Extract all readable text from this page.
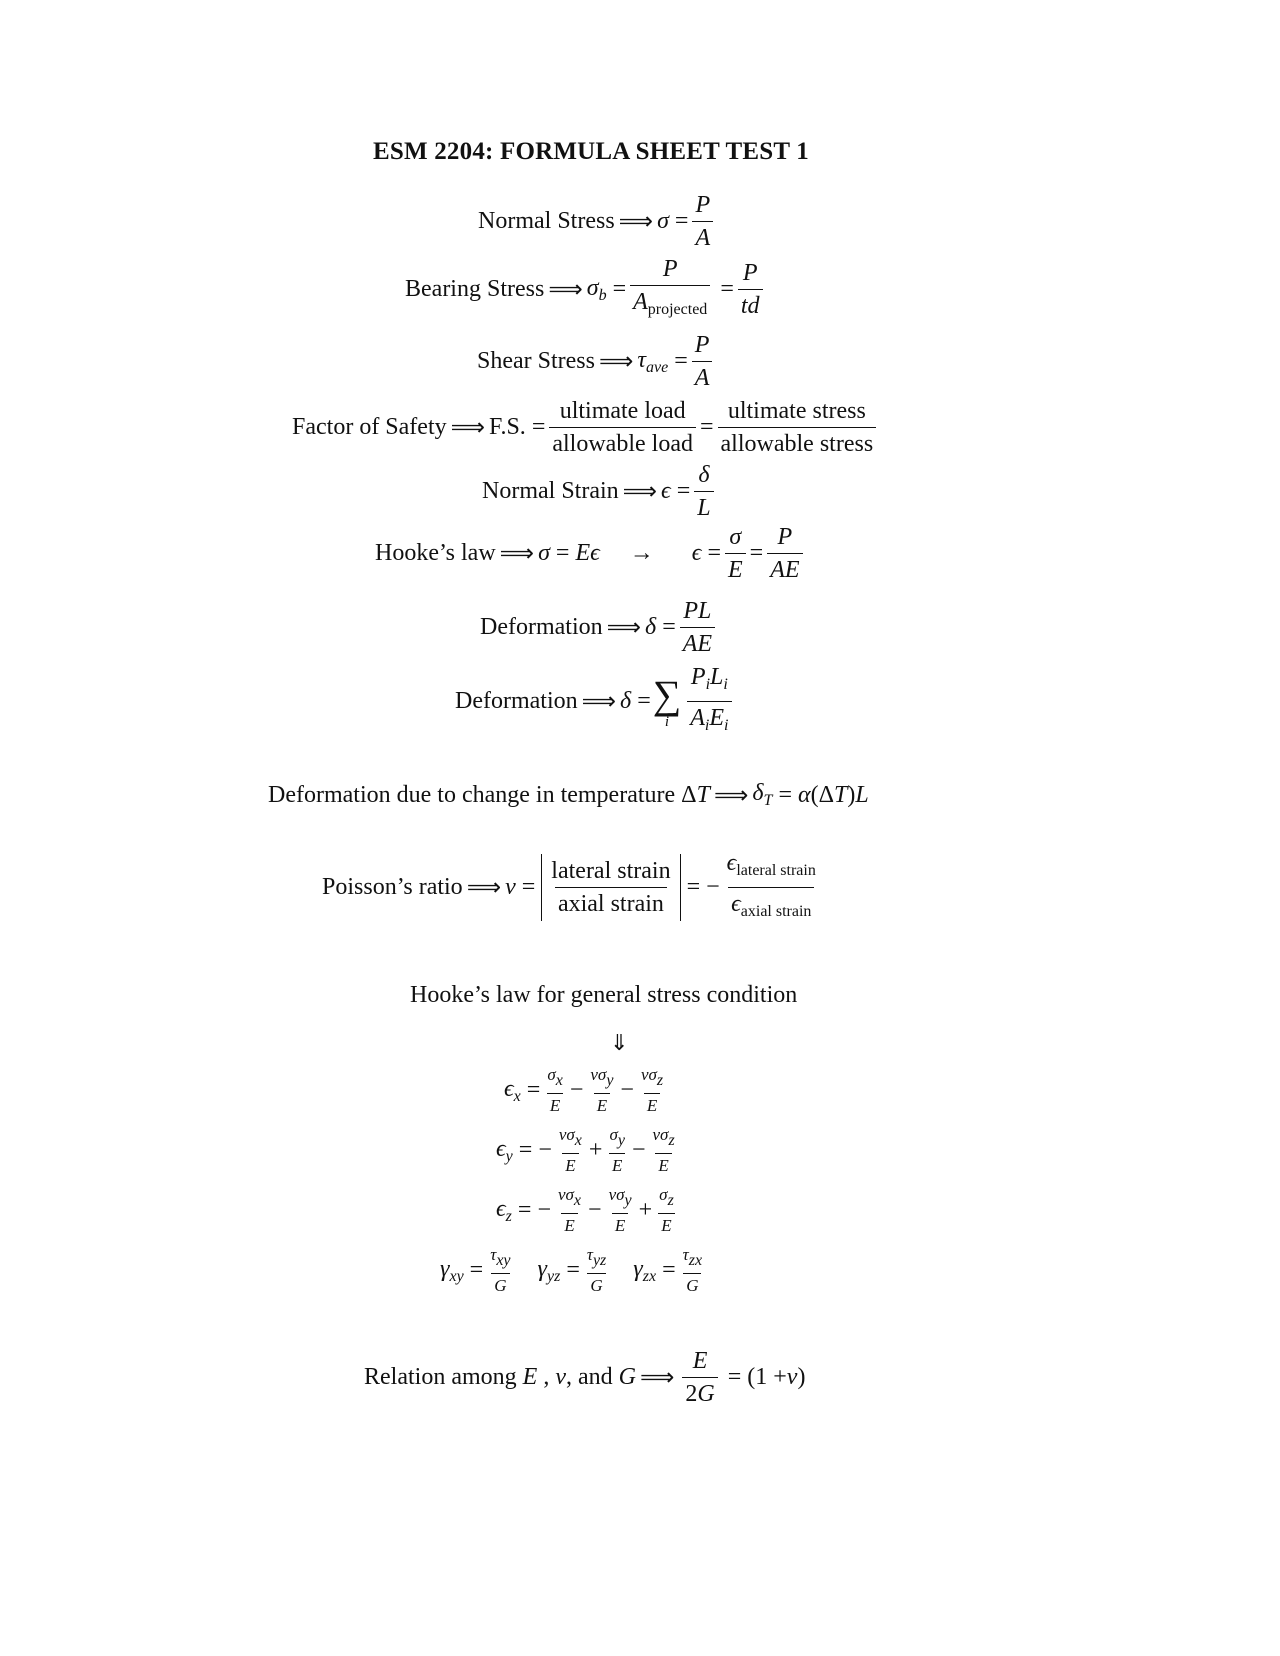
ESM 2204: FORMULA SHEET TEST 1
Normal Stress ⟹ $\sigma = \frac{P}{A}$
Bearing Stress ⟹ $\sigma_b = \frac{P}{A_{projected}} = \frac{P}{td}$
Shear Stress ⟹ $\tau_{ave} = \frac{P}{A}$
Factor of Safety ⟹ F.S. = $\frac{\text{ultimate load}}{\text{allowable load}} = \frac{\text{ultimate stress}}{\text{allowable stress}}$
Normal Strain ⟹ $\epsilon = \frac{\delta}{L}$
Hooke’s law ⟹ $\sigma = E\epsilon \to \epsilon = \frac{\sigma}{E} = \frac{P}{AE}$
Deformation ⟹ $\delta = \frac{PL}{AE}$
Deformation ⟹ δ = ∑
i $\frac{P_iL_i}{A_iE_i}$
Deformation due to change in temperature Δ T ⟹ $\delta_T = \alpha$ (Δ T ) L
Poisson’s ratio ⟹ $\nu = \frac{\text{lateral strain}}{\text{axial strain}}$ = − $\frac{\epsilon_{lateral strain}}{\epsilon_{axial strain}}$
Hooke’s law for general stress condition
⇓
$\epsilon_x = \frac{\sigma x}{E} - \frac{\text{νσy}}{E} - \frac{\text{νσz}}{E}$
$\epsilon_y$ = − $\frac{\text{νσx}}{E} + \frac{\sigma y}{E} - \frac{\text{νσz}}{E}$
$\epsilon_z$ = − $\frac{\text{νσx}}{E} - \frac{\text{νσy}}{E} + \frac{\sigma z}{E}$
$\gamma_{xy} = \frac{\text{τxy}}{G} \gamma_{yz} = \frac{\text{τyz}}{G} \gamma_{zx} = \frac{\text{τzx}}{G}$
Relation among
E , ν , and
G ⟹ $\frac{E}{2G} = (1 + \nu$ )
